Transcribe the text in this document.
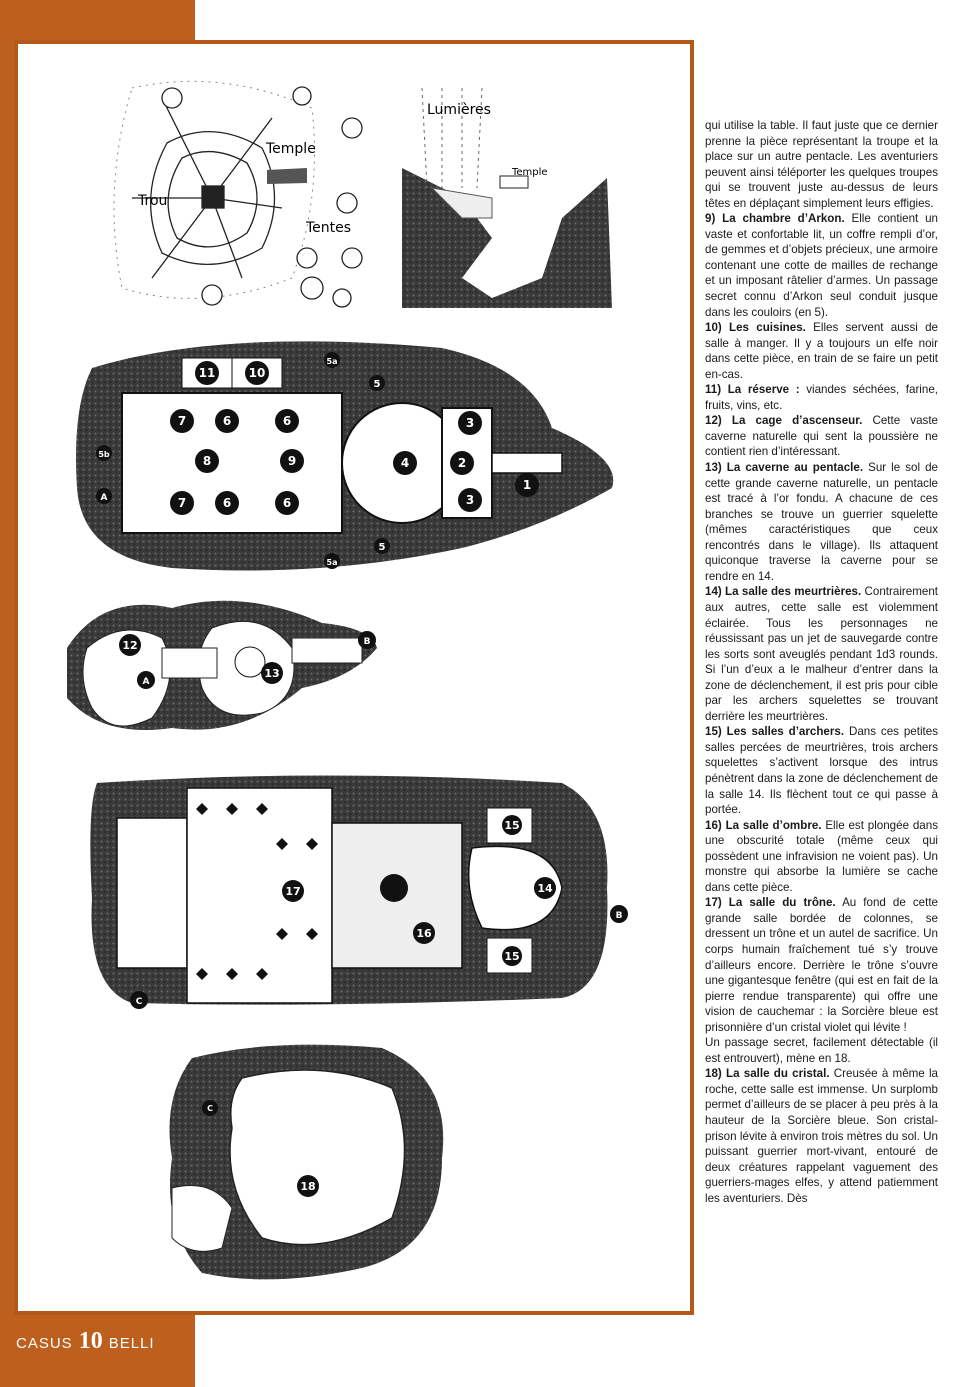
Temple
Trou
Tentes
Lumières
Temple
11	10
7	6	6
8	9
7	6	6
3
2
3
4
1
5
5
5a
5a
5b
A
12
13
A
B
17
16
15
15
14
B
C
18
C

qui utilise la table. Il faut juste que ce dernier prenne la pièce représentant la troupe et la place sur un autre pentacle. Les aventuriers peuvent ainsi téléporter les quelques troupes qui se trouvent juste au-dessus de leurs têtes en déplaçant simplement leurs effigies.

9) La chambre d’Arkon. Elle contient un vaste et confortable lit, un coffre rempli d’or, de gemmes et d’objets précieux, une armoire contenant une cotte de mailles de rechange et un imposant râtelier d’armes. Un passage secret connu d’Arkon seul conduit jusque dans les couloirs (en 5).

10) Les cuisines. Elles servent aussi de salle à manger. Il y a toujours un elfe noir dans cette pièce, en train de se faire un petit en-cas.

11) La réserve : viandes séchées, farine, fruits, vins, etc.

12) La cage d’ascenseur. Cette vaste caverne naturelle qui sent la poussière ne contient rien d’intéressant.

13) La caverne au pentacle. Sur le sol de cette grande caverne naturelle, un pentacle est tracé à l’or fondu. A chacune de ces branches se trouve un guerrier squelette (mêmes caractéristiques que ceux rencontrés dans le village). Ils attaquent quiconque traverse la caverne pour se rendre en 14.

14) La salle des meurtrières. Contrairement aux autres, cette salle est violemment éclairée. Tous les personnages ne réussissant pas un jet de sauvegarde contre les sorts sont aveuglés pendant 1d3 rounds. Si l’un d’eux a le malheur d’entrer dans la zone de déclenchement, il est pris pour cible par les archers squelettes se trouvant derrière les meurtrières.

15) Les salles d’archers. Dans ces petites salles percées de meurtrières, trois archers squelettes s’activent lorsque des intrus pénètrent dans la zone de déclenchement de la salle 14. Ils flèchent tout ce qui passe à portée.

16) La salle d’ombre. Elle est plongée dans une obscurité totale (même ceux qui possèdent une infravision ne voient pas). Un monstre qui absorbe la lumière se cache dans cette pièce.

17) La salle du trône. Au fond de cette grande salle bordée de colonnes, se dressent un trône et un autel de sacrifice. Un corps humain fraîchement tué s’y trouve d’ailleurs encore. Derrière le trône s’ouvre une gigantesque fenêtre (qui est en fait de la pierre rendue transparente) qui offre une vision de cauchemar : la Sorcière bleue est prisonnière d’un cristal violet qui lévite !

Un passage secret, facilement détectable (il est entrouvert), mène en 18.

18) La salle du cristal. Creusée à même la roche, cette salle est immense. Un surplomb permet d’ailleurs de se placer à peu près à la hauteur de la Sorcière bleue. Son cristal-prison lévite à environ trois mètres du sol. Un puissant guerrier mort-vivant, entouré de deux créatures rappelant vaguement des guerriers-mages elfes, y attend patiemment les aventuriers. Dès

CASUS 10 BELLI
